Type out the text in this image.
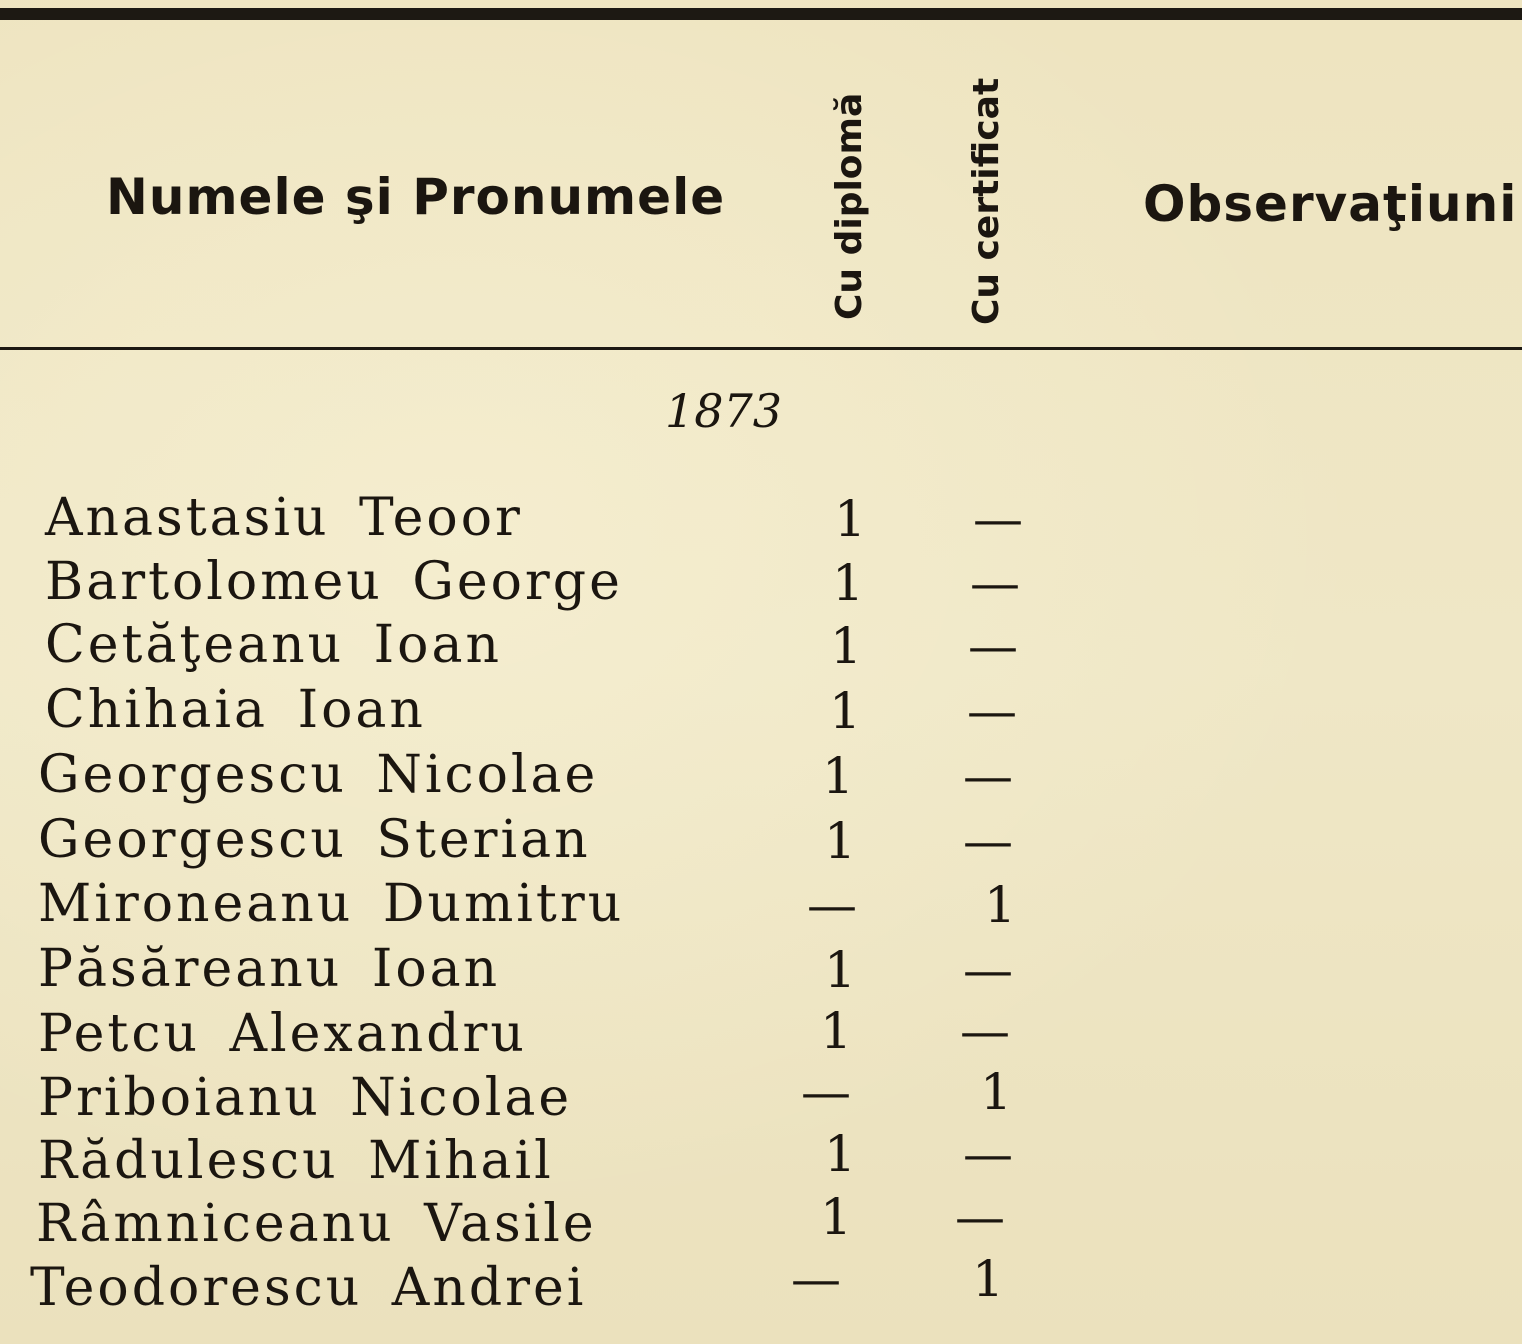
Numele şi Pronumele	Cu diplomă	Cu certificat	Observaţiuni
1873
Anastasiu Teoor	1 —
Bartolomeu George	1 —
Cetăţeanu Ioan	1 —
Chihaia Ioan	1 —
Georgescu Nicolae	1 —
Georgescu Sterian	1 —
Mironeanu Dumitru	—	1
Păsăreanu Ioan	1 —
Petcu Alexandru	1 —
Priboianu Nicolae	—	1
Rădulescu Mihail	1 —
Râmniceanu Vasile	1 —
Teodorescu Andrei	—	1
